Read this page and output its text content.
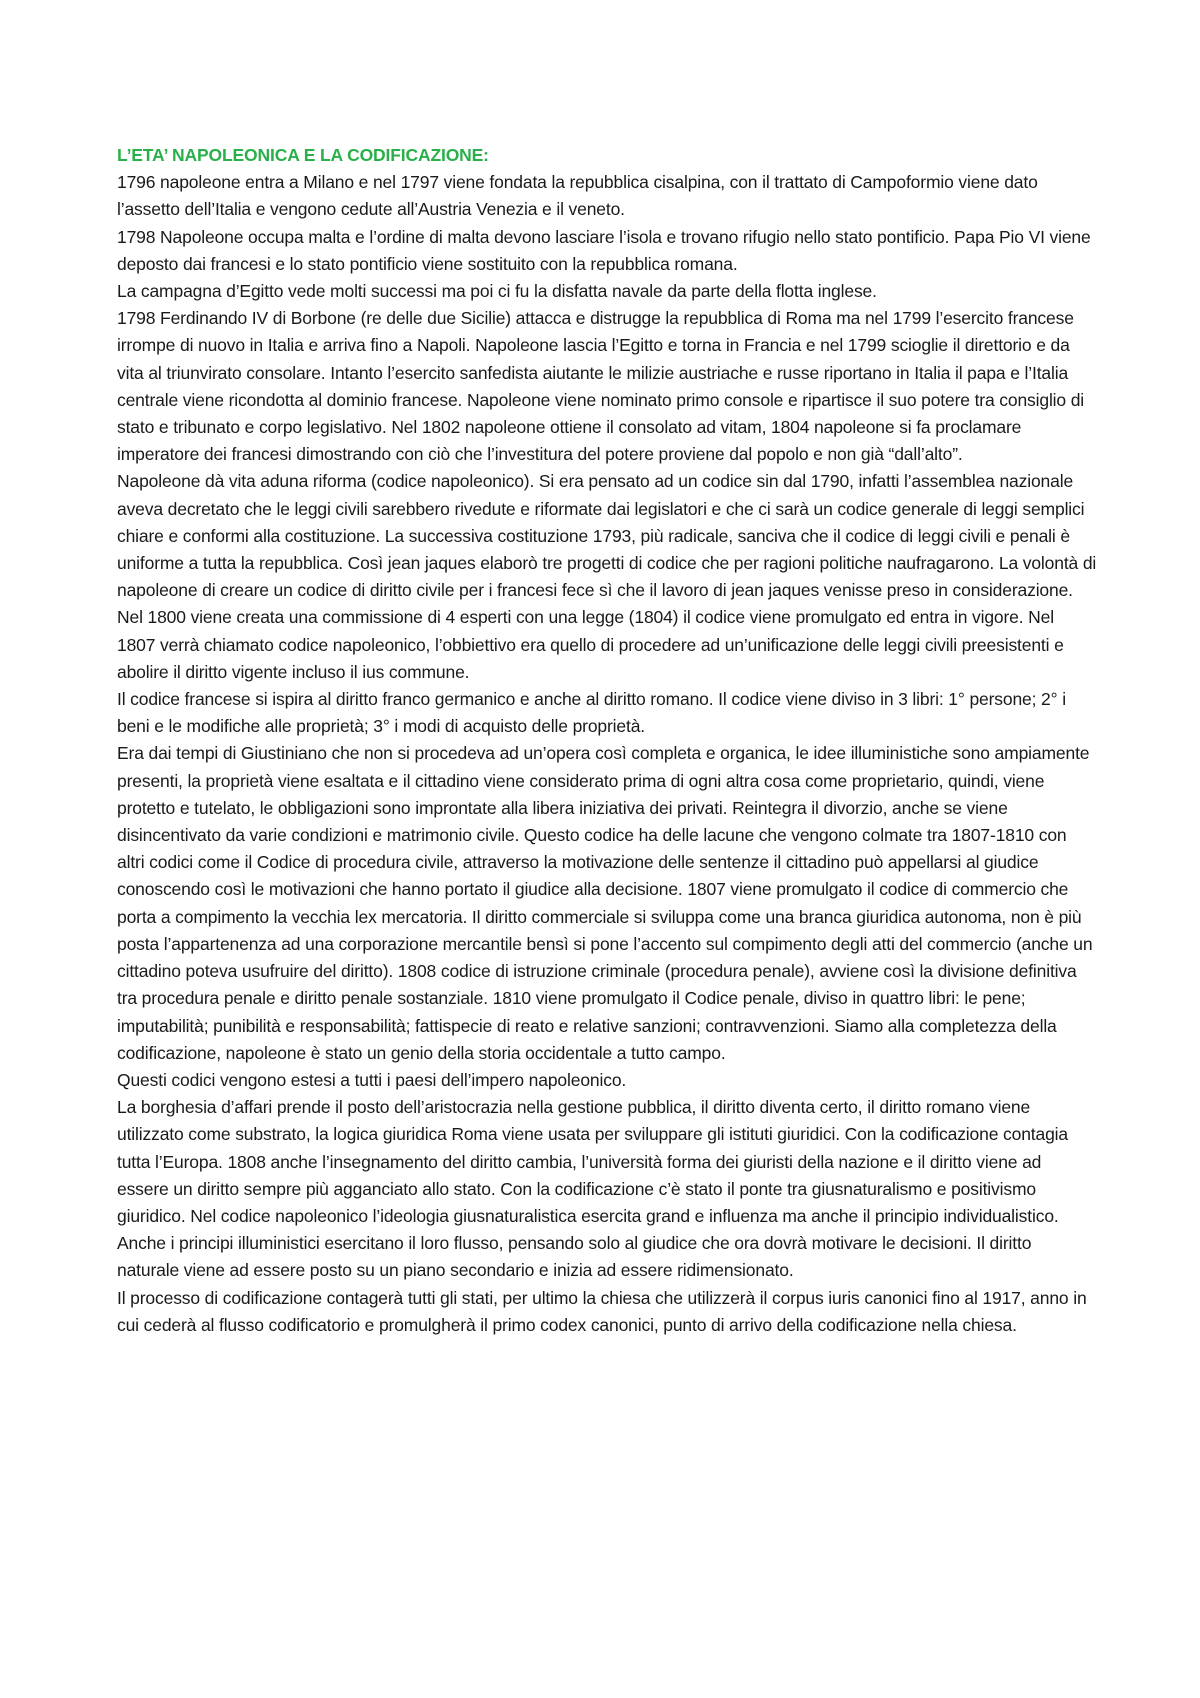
L’ETA’ NAPOLEONICA E LA CODIFICAZIONE:

1796 napoleone entra a Milano e nel 1797 viene fondata la repubblica cisalpina, con il trattato di Campoformio viene dato l’assetto dell’Italia e vengono cedute all’Austria Venezia e il veneto.

1798 Napoleone occupa malta e l’ordine di malta devono lasciare l’isola e trovano rifugio nello stato pontificio. Papa Pio VI viene deposto dai francesi e lo stato pontificio viene sostituito con la repubblica romana.

La campagna d’Egitto vede molti successi ma poi ci fu la disfatta navale da parte della flotta inglese.

1798 Ferdinando IV di Borbone (re delle due Sicilie) attacca e distrugge la repubblica di Roma ma nel 1799 l’esercito francese irrompe di nuovo in Italia e arriva fino a Napoli. Napoleone lascia l’Egitto e torna in Francia e nel 1799 scioglie il direttorio e da vita al triunvirato consolare. Intanto l’esercito sanfedista aiutante le milizie austriache e russe riportano in Italia il papa e l’Italia centrale viene ricondotta al dominio francese. Napoleone viene nominato primo console e ripartisce il suo potere tra consiglio di stato e tribunato e corpo legislativo. Nel 1802 napoleone ottiene il consolato ad vitam, 1804 napoleone si fa proclamare imperatore dei francesi dimostrando con ciò che l’investitura del potere proviene dal popolo e non già “dall’alto”.

Napoleone dà vita aduna riforma (codice napoleonico). Si era pensato ad un codice sin dal 1790, infatti l’assemblea nazionale aveva decretato che le leggi civili sarebbero rivedute e riformate dai legislatori e che ci sarà un codice generale di leggi semplici chiare e conformi alla costituzione. La successiva costituzione 1793, più radicale, sanciva che il codice di leggi civili e penali è uniforme a tutta la repubblica. Così jean jaques elaborò tre progetti di codice che per ragioni politiche naufragarono. La volontà di napoleone di creare un codice di diritto civile per i francesi fece sì che il lavoro di jean jaques venisse preso in considerazione. Nel 1800 viene creata una commissione di 4 esperti con una legge (1804) il codice viene promulgato ed entra in vigore. Nel 1807 verrà chiamato codice napoleonico, l’obbiettivo era quello di procedere ad un’unificazione delle leggi civili preesistenti e abolire il diritto vigente incluso il ius commune.

Il codice francese si ispira al diritto franco germanico e anche al diritto romano. Il codice viene diviso in 3 libri: 1° persone; 2° i beni e le modifiche alle proprietà; 3° i modi di acquisto delle proprietà.

Era dai tempi di Giustiniano che non si procedeva ad un’opera così completa e organica, le idee illuministiche sono ampiamente presenti, la proprietà viene esaltata e il cittadino viene considerato prima di ogni altra cosa come proprietario, quindi, viene protetto e tutelato, le obbligazioni sono improntate alla libera iniziativa dei privati. Reintegra il divorzio, anche se viene disincentivato da varie condizioni e matrimonio civile. Questo codice ha delle lacune che vengono colmate tra 1807-1810 con altri codici come il Codice di procedura civile, attraverso la motivazione delle sentenze il cittadino può appellarsi al giudice conoscendo così le motivazioni che hanno portato il giudice alla decisione. 1807 viene promulgato il codice di commercio che porta a compimento la vecchia lex mercatoria. Il diritto commerciale si sviluppa come una branca giuridica autonoma, non è più posta l’appartenenza ad una corporazione mercantile bensì si pone l’accento sul compimento degli atti del commercio (anche un cittadino poteva usufruire del diritto). 1808 codice di istruzione criminale (procedura penale), avviene così la divisione definitiva tra procedura penale e diritto penale sostanziale. 1810 viene promulgato il Codice penale, diviso in quattro libri: le pene; imputabilità; punibilità e responsabilità; fattispecie di reato e relative sanzioni; contravvenzioni. Siamo alla completezza della codificazione, napoleone è stato un genio della storia occidentale a tutto campo.

Questi codici vengono estesi a tutti i paesi dell’impero napoleonico.

La borghesia d’affari prende il posto dell’aristocrazia nella gestione pubblica, il diritto diventa certo, il diritto romano viene utilizzato come substrato, la logica giuridica Roma viene usata per sviluppare gli istituti giuridici. Con la codificazione contagia tutta l’Europa. 1808 anche l’insegnamento del diritto cambia, l’università forma dei giuristi della nazione e il diritto viene ad essere un diritto sempre più agganciato allo stato. Con la codificazione c’è stato il ponte tra giusnaturalismo e positivismo giuridico. Nel codice napoleonico l’ideologia giusnaturalistica esercita grand e influenza ma anche il principio individualistico. Anche i principi illuministici esercitano il loro flusso, pensando solo al giudice che ora dovrà motivare le decisioni. Il diritto naturale viene ad essere posto su un piano secondario e inizia ad essere ridimensionato.

Il processo di codificazione contagerà tutti gli stati, per ultimo la chiesa che utilizzerà il corpus iuris canonici fino al 1917, anno in cui cederà al flusso codificatorio e promulgherà il primo codex canonici, punto di arrivo della codificazione nella chiesa.
